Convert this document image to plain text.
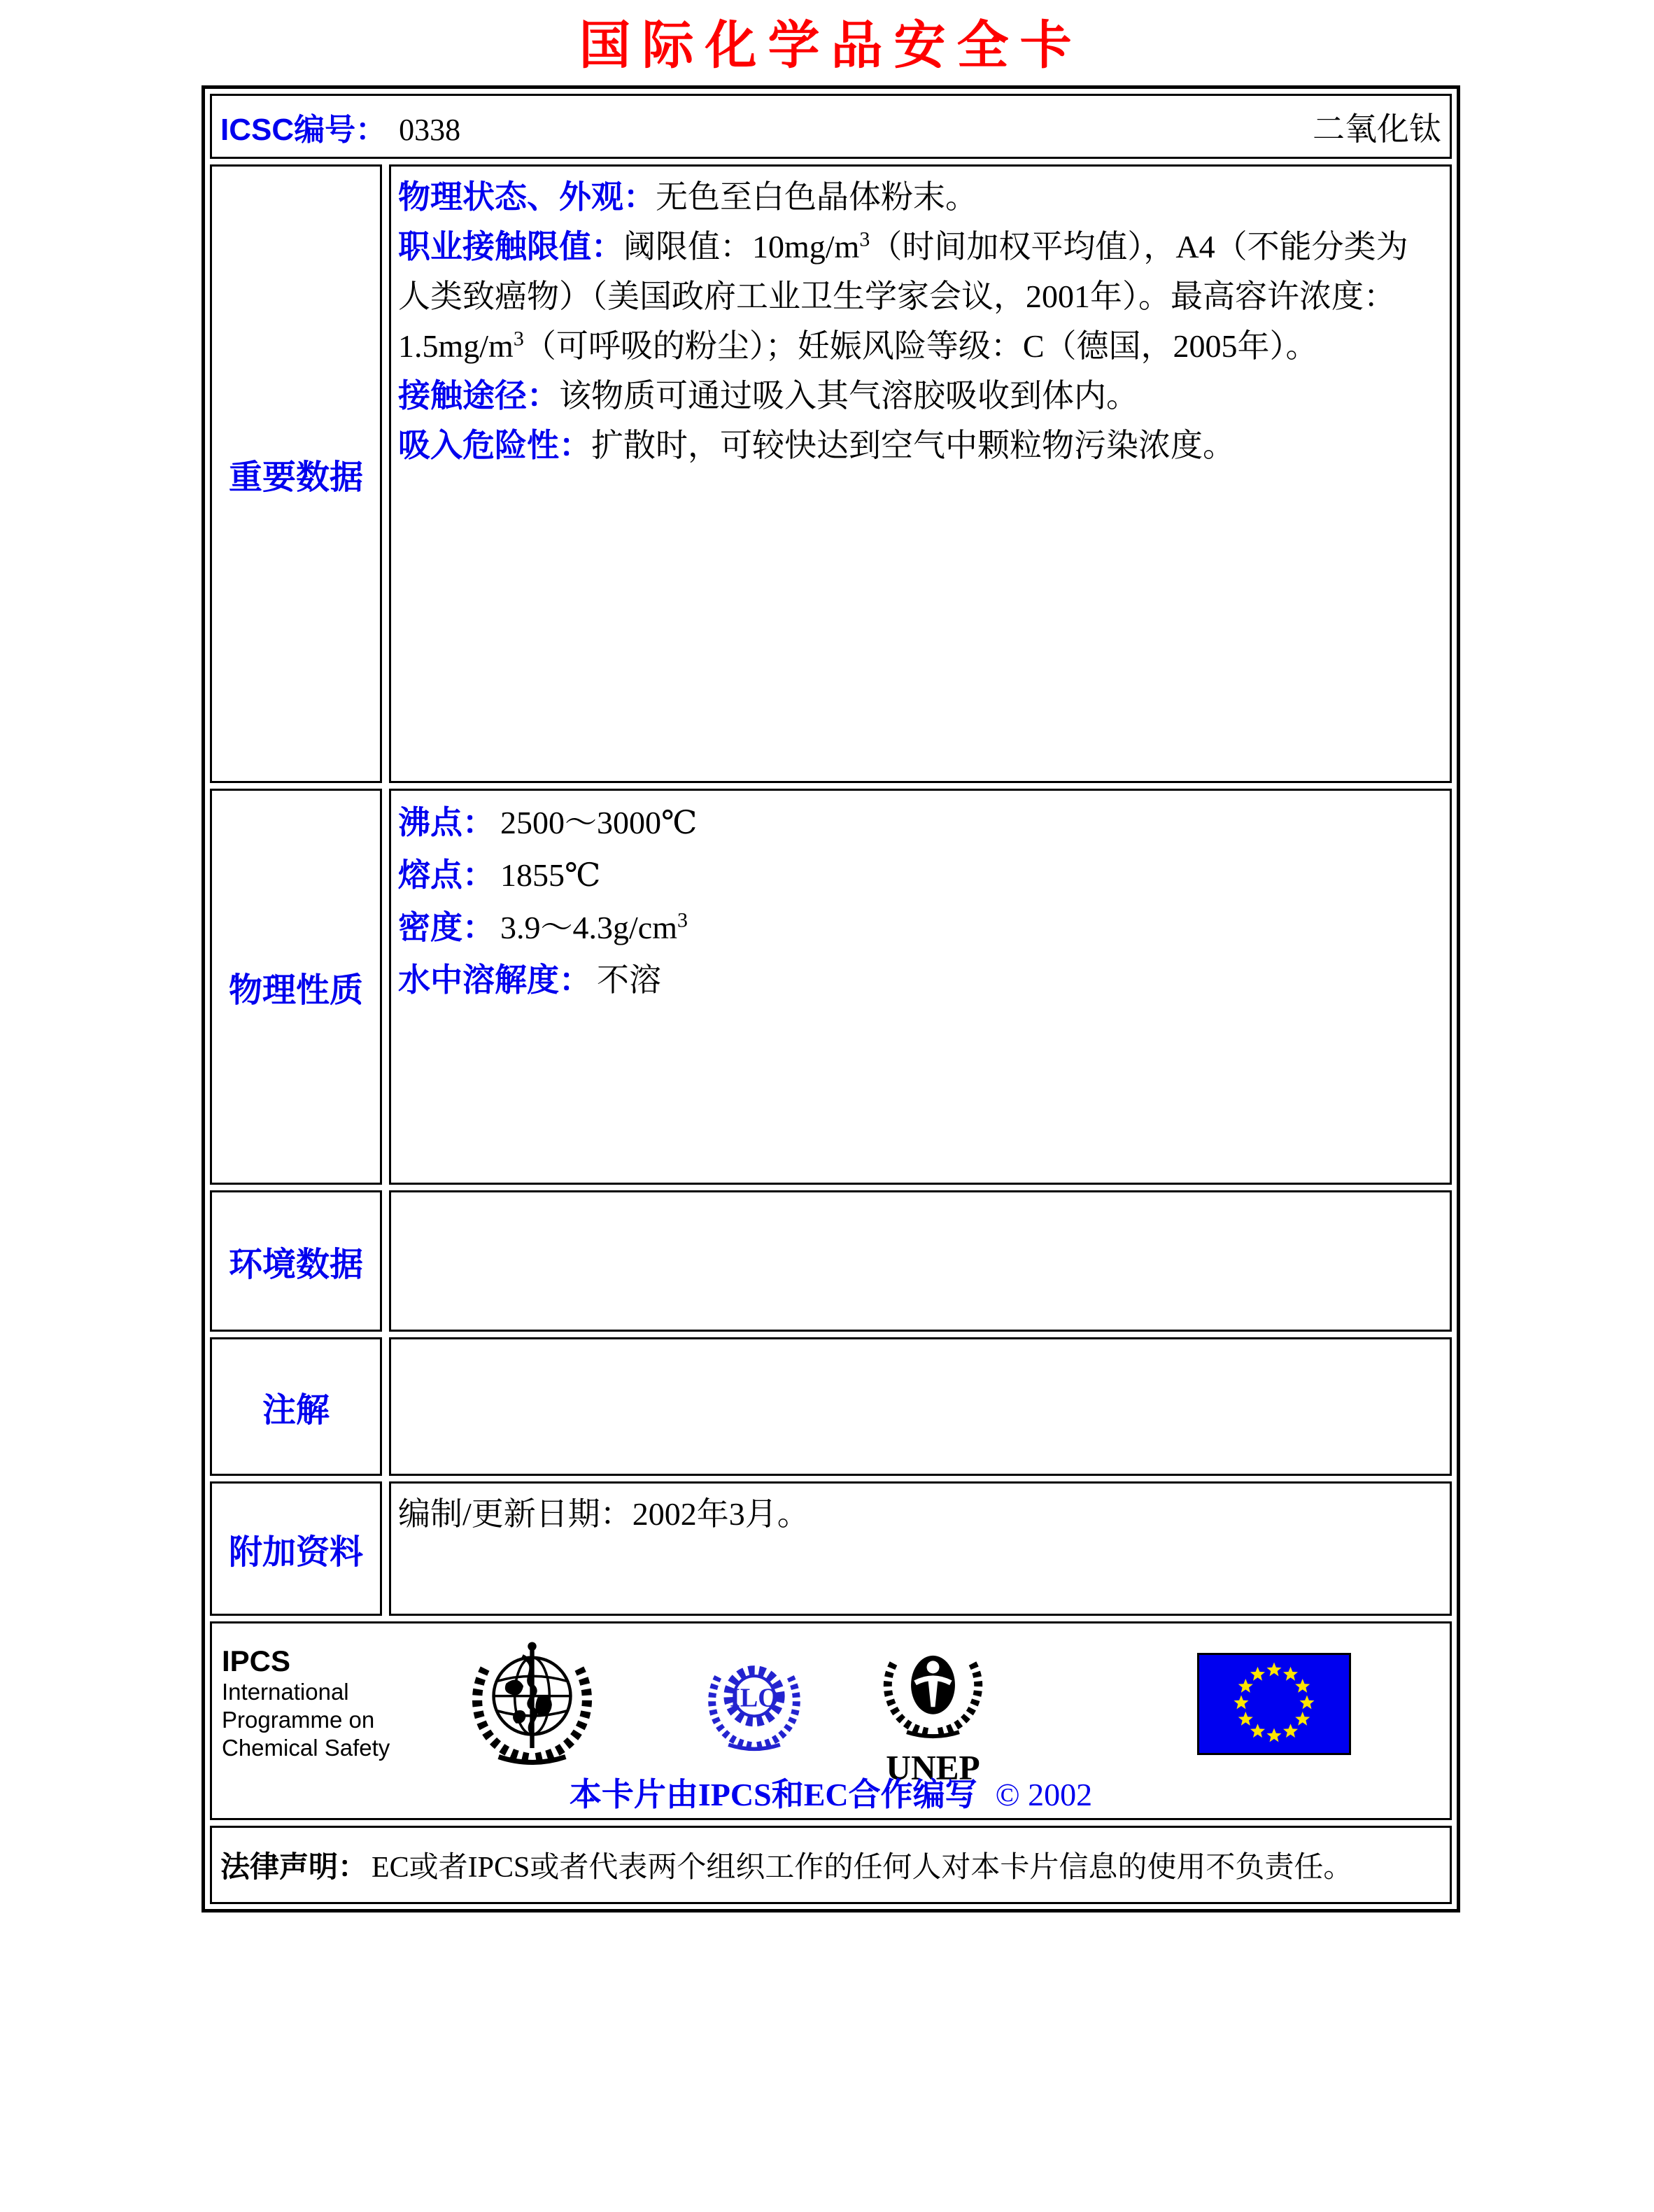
国际化学品安全卡
ICSC编号： 0338	二氧化钛
重要数据

物理状态、外观：无色至白色晶体粉末。

职业接触限值：阈限值：$10mg/m^3$（时间加权平均值），A4（不能分类为人类致癌物）（美国政府工业卫生学家会议，2001年）。最高容许浓度：$1.5mg/m^3$（可呼吸的粉尘）；妊娠风险等级：C（德国，2005年）。

接触途径：该物质可通过吸入其气溶胶吸收到体内。

吸入危险性：扩散时，可较快达到空气中颗粒物污染浓度。

物理性质

沸点： 2500～3000℃

熔点： 1855℃

密度： $3.9\sim 4.3g/cm^3$

水中溶解度： 不溶

环境数据
注解
附加资料

编制/更新日期：2002年3月。

IPCS
International
Programme on
Chemical Safety
ILO
UNEP
本卡片由IPCS和EC合作编写 © 2002
法律声明： EC或者IPCS或者代表两个组织工作的任何人对本卡片信息的使用不负责任。
